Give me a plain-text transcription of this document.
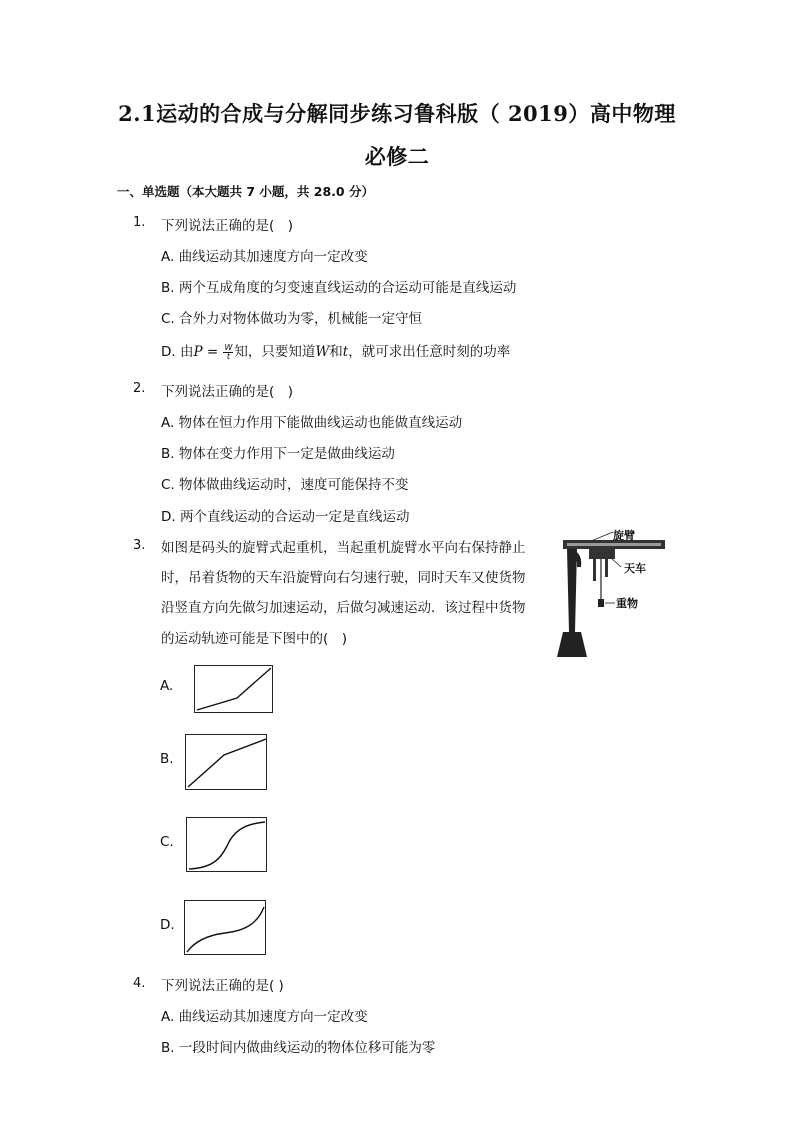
2.1运动的合成与分解同步练习鲁科版（ 2019）高中物理
必修二
一、单选题（本大题共 7 小题，共 28.0 分）
1. 下列说法正确的是(　)
A. 曲线运动其加速度方向一定改变
B. 两个互成角度的匀变速直线运动的合运动可能是直线运动
C. 合外力对物体做功为零，机械能一定守恒
D. 由$P = \frac{W}{t}$ 知，只要知道W和t，就可求出任意时刻的功率
2. 下列说法正确的是(　)
A. 物体在恒力作用下能做曲线运动也能做直线运动
B. 物体在变力作用下一定是做曲线运动
C. 物体做曲线运动时，速度可能保持不变
D. 两个直线运动的合运动一定是直线运动
3. 如图是码头的旋臂式起重机，当起重机旋臂水平向右保持静止
时，吊着货物的天车沿旋臂向右匀速行驶，同时天车又使货物
沿竖直方向先做匀加速运动，后做匀减速运动．该过程中货物
的运动轨迹可能是下图中的(　)
旋臂
天车
重物
A.
B.
C.
D.
4. 下列说法正确的是( )
A. 曲线运动其加速度方向一定改变
B. 一段时间内做曲线运动的物体位移可能为零
